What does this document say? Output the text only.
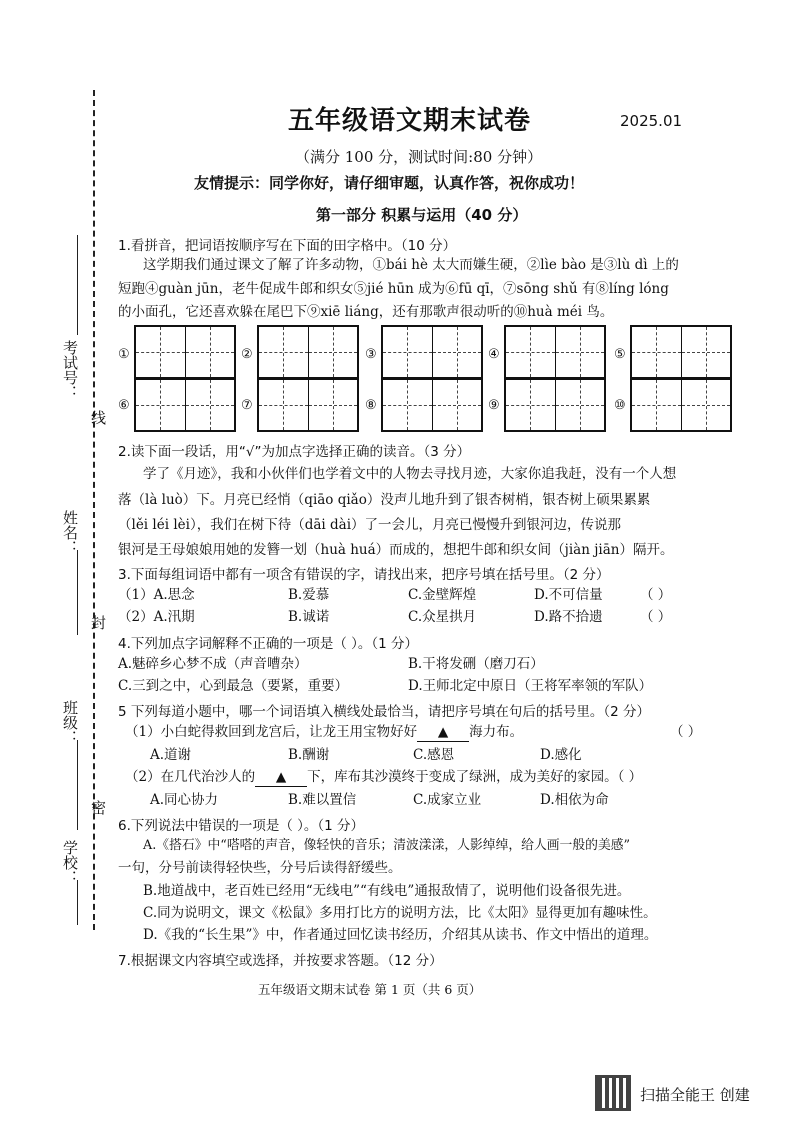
考试号：
线
姓名：
封
班级：
密
学校：
五年级语文期末试卷	2025.01
（满分 100 分，测试时间:80 分钟）
友情提示：同学你好，请仔细审题，认真作答，祝你成功！
第一部分 积累与运用（40 分）
1.看拼音，把词语按顺序写在下面的田字格中。（10 分）
这学期我们通过课文了解了许多动物，①bái hè 太大而嫌生硬，②lìe bào 是③lù dì 上的
短跑④guàn jūn，老牛促成牛郎和织女⑤jié hūn 成为⑥fū qī，⑦sōng shǔ 有⑧líng lóng
的小面孔，它还喜欢躲在尾巴下⑨xiē liáng，还有那歌声很动听的⑩huà méi 鸟。
①	②	③	④	⑤
⑥	⑦	⑧	⑨	⑩
2.读下面一段话，用“√”为加点字选择正确的读音。（3 分）
学了《月迹》，我和小伙伴们也学着文中的人物去寻找月迹，大家你追我赶，没有一个人想
落（là luò）下。月亮已经悄（qiāo qiǎo）没声儿地升到了银杏树梢，银杏树上硕果累累
（lěi léi lèi），我们在树下待（dāi dài）了一会儿，月亮已慢慢升到银河边，传说那
银河是王母娘娘用她的发簪一划（huà huá）而成的，想把牛郎和织女间（jiàn jiān）隔开。
3.下面每组词语中都有一项含有错误的字，请找出来，把序号填在括号里。（2 分）
（1）A.思念	B.爱慕	C.金壁辉煌	D.不可信量	（ ）
（2）A.汛期	B.诚诺	C.众星拱月	D.路不拾遗	（ ）
4.下列加点字词解释不正确的一项是（ ）。（1 分）
A.魅碎乡心梦不成（声音嘈杂）	B.干将发硎（磨刀石）
C.三到之中，心到最急（要紧，重要）	D.王师北定中原日（王将军率领的军队）
5 下列每道小题中，哪一个词语填入横线处最恰当，请把序号填在句后的括号里。（2 分）
（1）小白蛇得救回到龙宫后，让龙王用宝物好好 ▲ 海力布。	（ ）
A.道谢	B.酬谢	C.感恩	D.感化
（2）在几代治沙人的 ▲ 下，库布其沙漠终于变成了绿洲，成为美好的家园。（ ）
A.同心协力	B.难以置信	C.成家立业	D.相依为命
6.下列说法中错误的一项是（ ）。（1 分）
A.《搭石》中“嗒嗒的声音，像轻快的音乐；清波漾漾，人影绰绰，给人画一般的美感”
一句，分号前读得轻快些，分号后读得舒缓些。
B.地道战中，老百姓已经用“无线电”“有线电”通报敌情了，说明他们设备很先进。
C.同为说明文，课文《松鼠》多用打比方的说明方法，比《太阳》显得更加有趣味性。
D.《我的“长生果”》中，作者通过回忆读书经历，介绍其从读书、作文中悟出的道理。
7.根据课文内容填空或选择，并按要求答题。（12 分）
五年级语文期末试卷 第 1 页（共 6 页）
扫描全能王 创建
